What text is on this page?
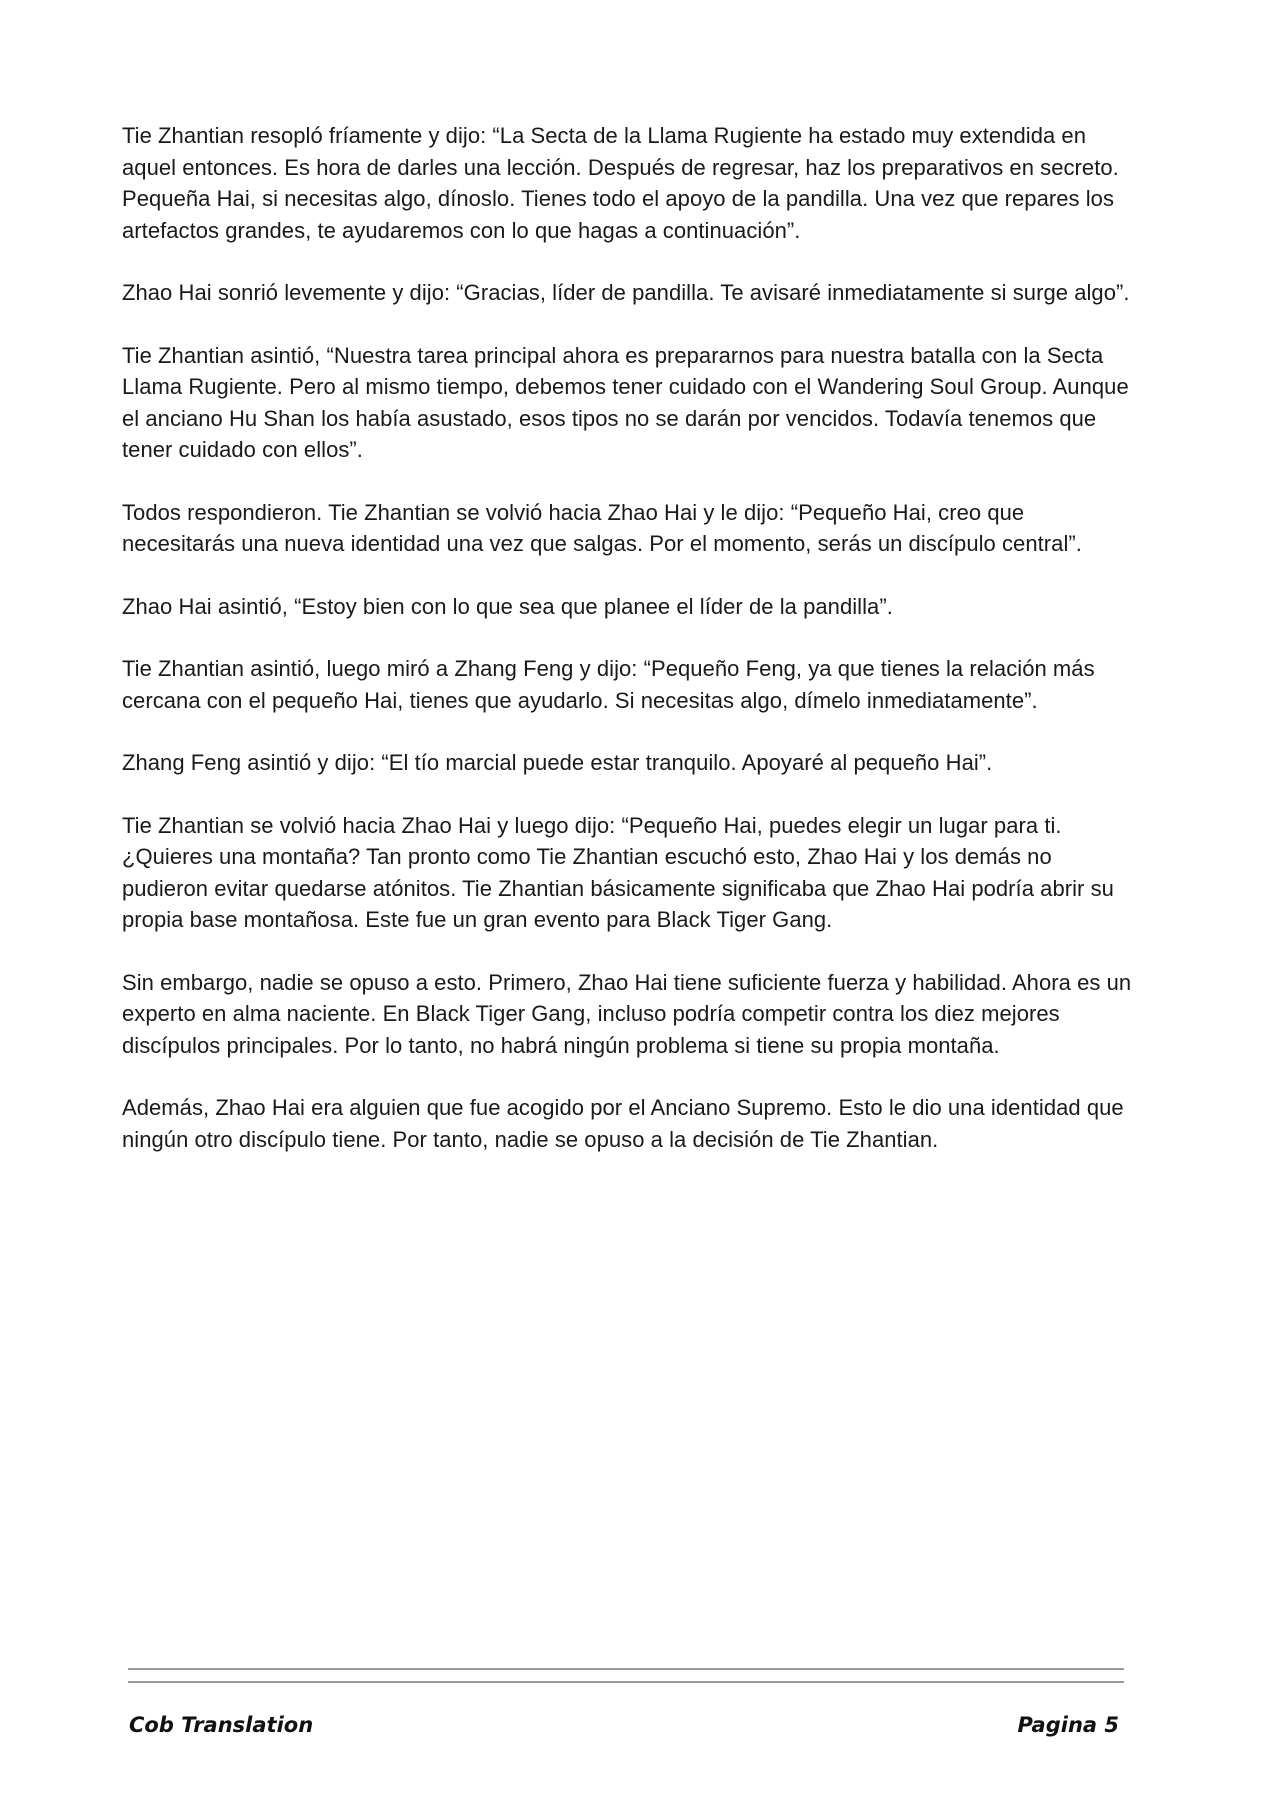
Tie Zhantian resopló fríamente y dijo: “La Secta de la Llama Rugiente ha estado muy extendida en aquel entonces. Es hora de darles una lección. Después de regresar, haz los preparativos en secreto. Pequeña Hai, si necesitas algo, dínoslo. Tienes todo el apoyo de la pandilla. Una vez que repares los artefactos grandes, te ayudaremos con lo que hagas a continuación”.

Zhao Hai sonrió levemente y dijo: “Gracias, líder de pandilla. Te avisaré inmediatamente si surge algo”.

Tie Zhantian asintió, “Nuestra tarea principal ahora es prepararnos para nuestra batalla con la Secta Llama Rugiente. Pero al mismo tiempo, debemos tener cuidado con el Wandering Soul Group. Aunque el anciano Hu Shan los había asustado, esos tipos no se darán por vencidos. Todavía tenemos que tener cuidado con ellos”.

Todos respondieron. Tie Zhantian se volvió hacia Zhao Hai y le dijo: “Pequeño Hai, creo que necesitarás una nueva identidad una vez que salgas. Por el momento, serás un discípulo central”.

Zhao Hai asintió, “Estoy bien con lo que sea que planee el líder de la pandilla”.

Tie Zhantian asintió, luego miró a Zhang Feng y dijo: “Pequeño Feng, ya que tienes la relación más cercana con el pequeño Hai, tienes que ayudarlo. Si necesitas algo, dímelo inmediatamente”.

Zhang Feng asintió y dijo: “El tío marcial puede estar tranquilo. Apoyaré al pequeño Hai”.

Tie Zhantian se volvió hacia Zhao Hai y luego dijo: “Pequeño Hai, puedes elegir un lugar para ti. ¿Quieres una montaña? Tan pronto como Tie Zhantian escuchó esto, Zhao Hai y los demás no pudieron evitar quedarse atónitos. Tie Zhantian básicamente significaba que Zhao Hai podría abrir su propia base montañosa. Este fue un gran evento para Black Tiger Gang.

Sin embargo, nadie se opuso a esto. Primero, Zhao Hai tiene suficiente fuerza y habilidad. Ahora es un experto en alma naciente. En Black Tiger Gang, incluso podría competir contra los diez mejores discípulos principales. Por lo tanto, no habrá ningún problema si tiene su propia montaña.

Además, Zhao Hai era alguien que fue acogido por el Anciano Supremo. Esto le dio una identidad que ningún otro discípulo tiene. Por tanto, nadie se opuso a la decisión de Tie Zhantian.

Cob Translation	Pagina 5
